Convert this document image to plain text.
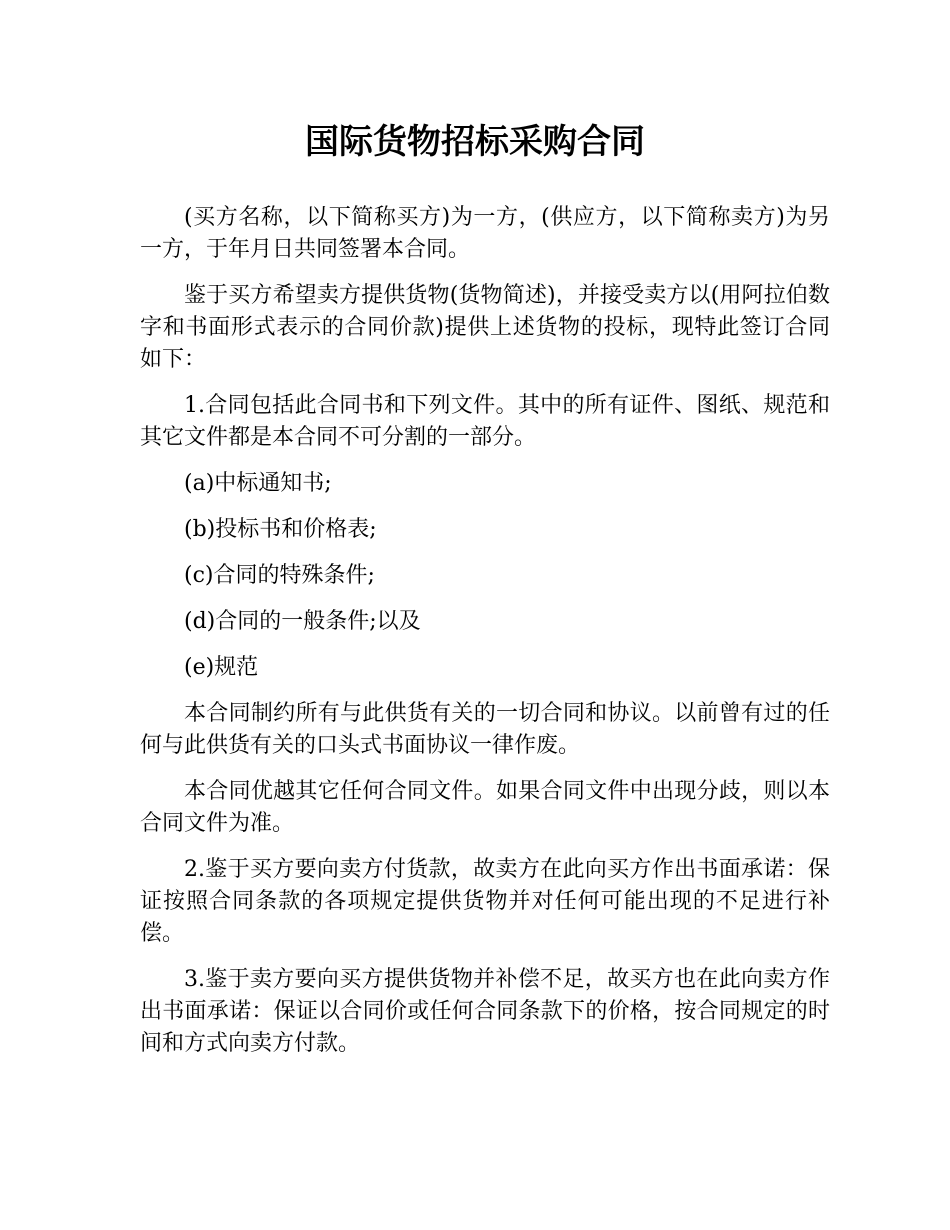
国际货物招标采购合同

(买方名称，以下简称买方)为一方，(供应方，以下简称卖方)为另一方，于年月日共同签署本合同。

鉴于买方希望卖方提供货物(货物简述)，并接受卖方以(用阿拉伯数字和书面形式表示的合同价款)提供上述货物的投标，现特此签订合同如下：

1.合同包括此合同书和下列文件。其中的所有证件、图纸、规范和其它文件都是本合同不可分割的一部分。

(a)中标通知书;

(b)投标书和价格表;

(c)合同的特殊条件;

(d)合同的一般条件;以及

(e)规范

本合同制约所有与此供货有关的一切合同和协议。以前曾有过的任何与此供货有关的口头式书面协议一律作废。

本合同优越其它任何合同文件。如果合同文件中出现分歧，则以本合同文件为准。

2.鉴于买方要向卖方付货款，故卖方在此向买方作出书面承诺：保证按照合同条款的各项规定提供货物并对任何可能出现的不足进行补偿。

3.鉴于卖方要向买方提供货物并补偿不足，故买方也在此向卖方作出书面承诺：保证以合同价或任何合同条款下的价格，按合同规定的时间和方式向卖方付款。
